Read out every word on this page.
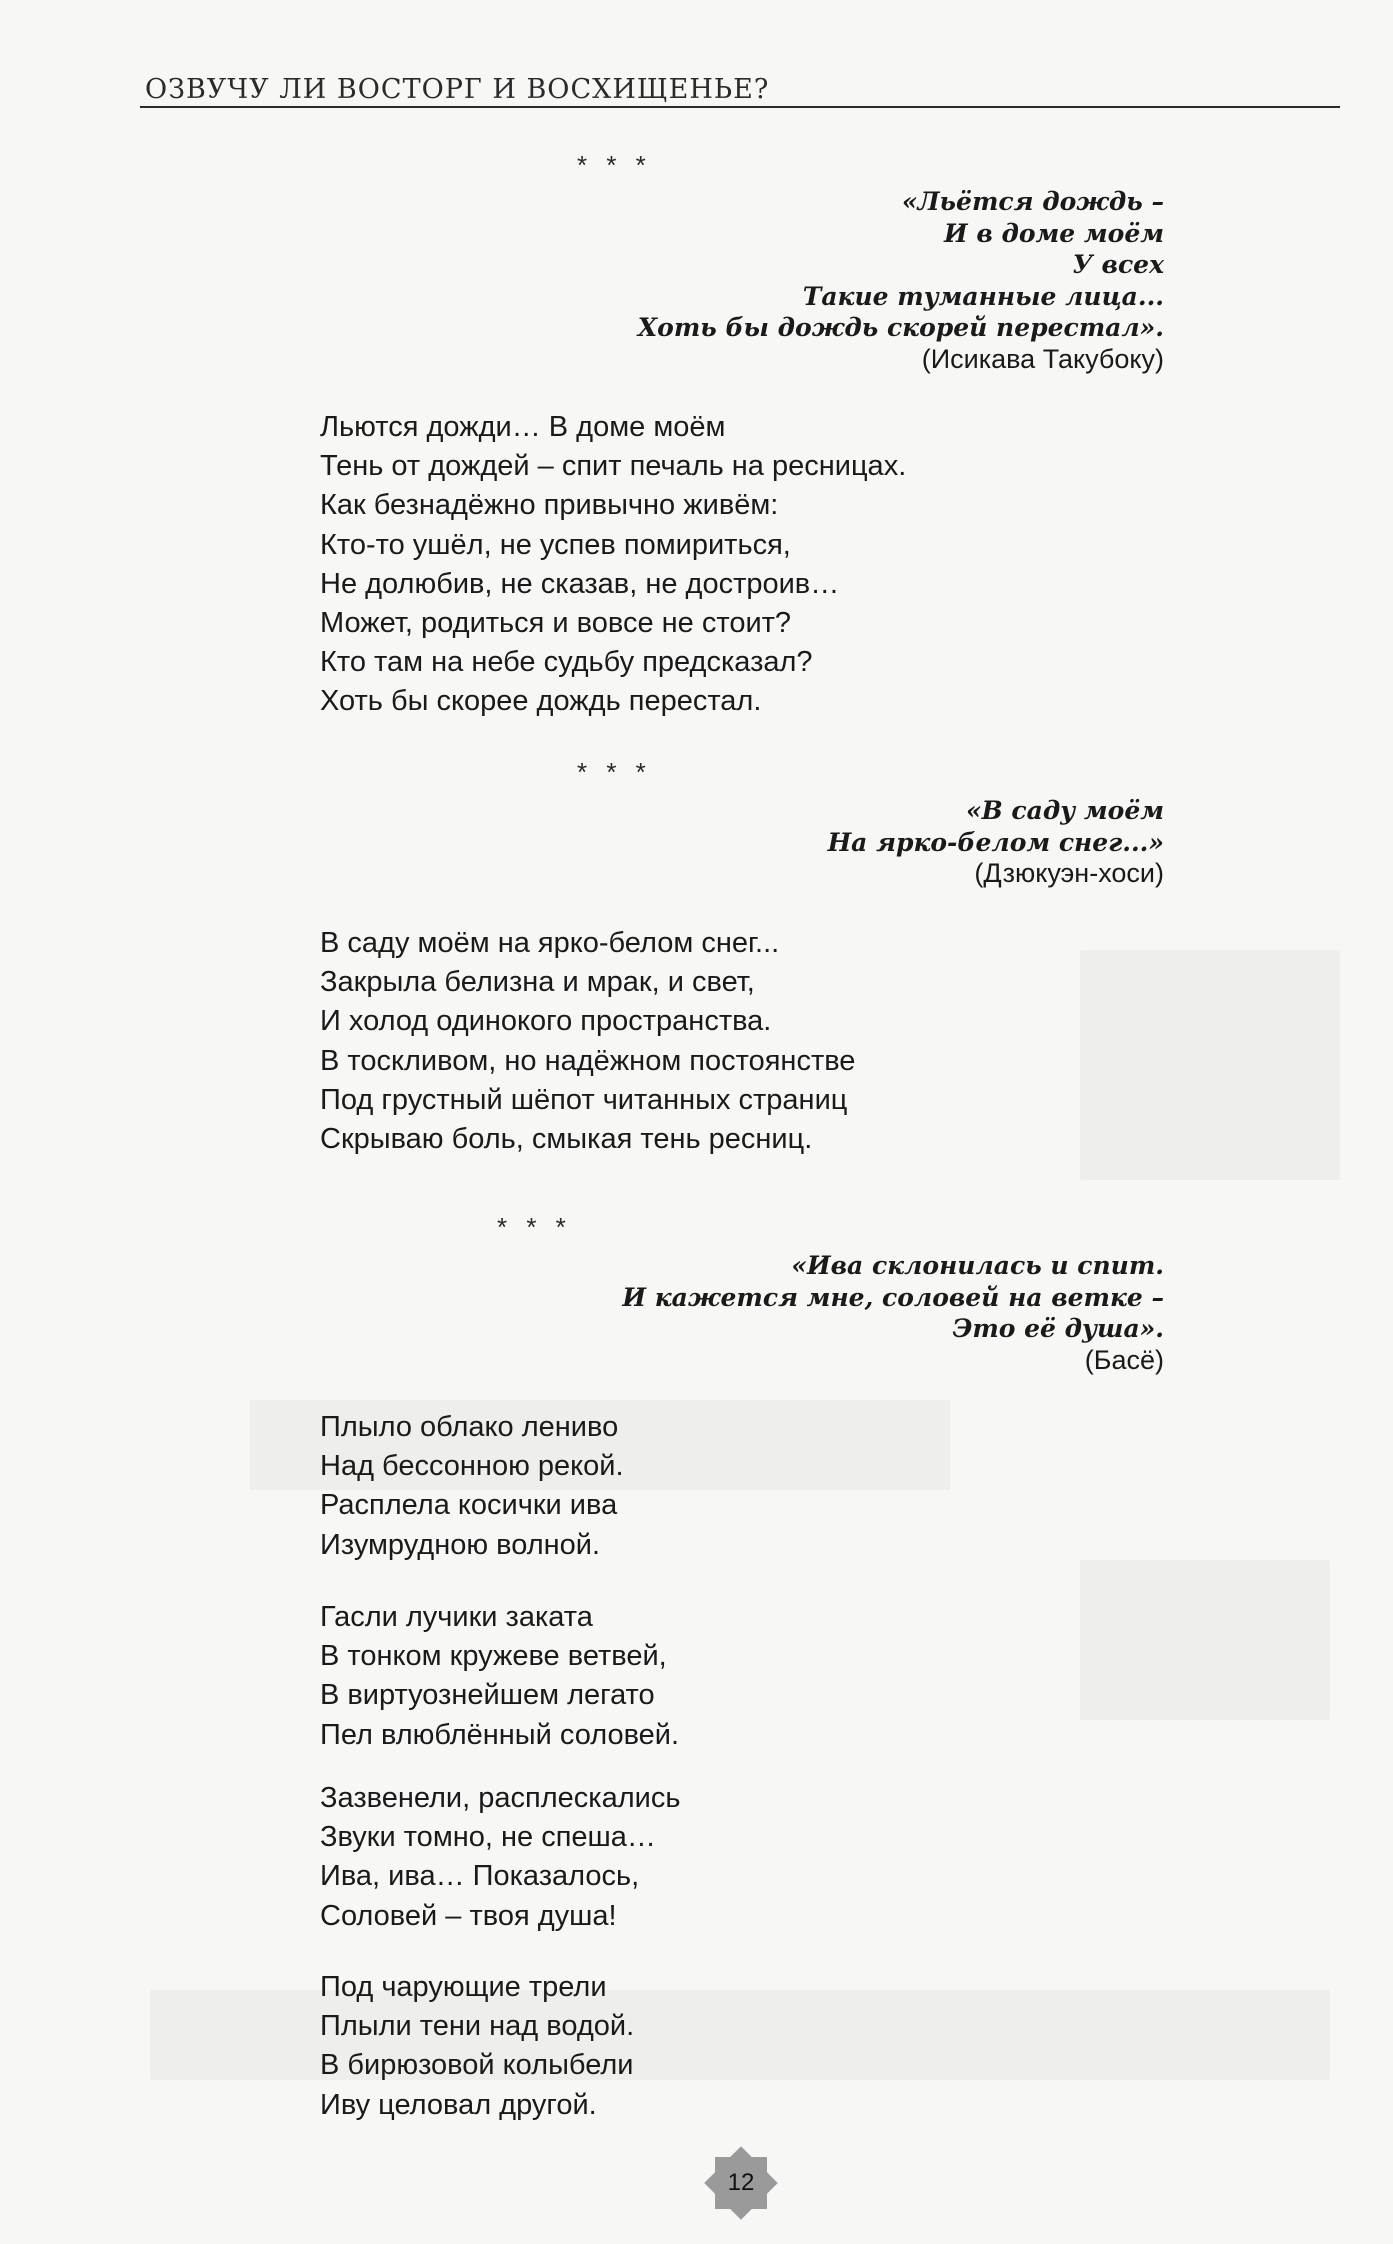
ОЗВУЧУ ЛИ ВОСТОРГ И ВОСХИЩЕНЬЕ?
* * *
«Льётся дождь –
И в доме моём
У всех
Такие туманные лица...
Хоть бы дождь скорей перестал».
(Исикава Такубоку)
Льются дожди… В доме моём
Тень от дождей – спит печаль на ресницах.
Как безнадёжно привычно живём:
Кто-то ушёл, не успев помириться,
Не долюбив, не сказав, не достроив…
Может, родиться и вовсе не стоит?
Кто там на небе судьбу предсказал?
Хоть бы скорее дождь перестал.
* * *
«В саду моём
На ярко-белом снег...»
(Дзюкуэн-хоси)
В саду моём на ярко-белом снег...
Закрыла белизна и мрак, и свет,
И холод одинокого пространства.
В тоскливом, но надёжном постоянстве
Под грустный шёпот читанных страниц
Скрываю боль, смыкая тень ресниц.
* * *
«Ива склонилась и спит.
И кажется мне, соловей на ветке –
Это её душа».
(Басё)
Плыло облако лениво
Над бессонною рекой.
Расплела косички ива
Изумрудною волной.
Гасли лучики заката
В тонком кружеве ветвей,
В виртуознейшем легато
Пел влюблённый соловей.
Зазвенели, расплескались
Звуки томно, не спеша…
Ива, ива… Показалось,
Соловей – твоя душа!
Под чарующие трели
Плыли тени над водой.
В бирюзовой колыбели
Иву целовал другой.
12
